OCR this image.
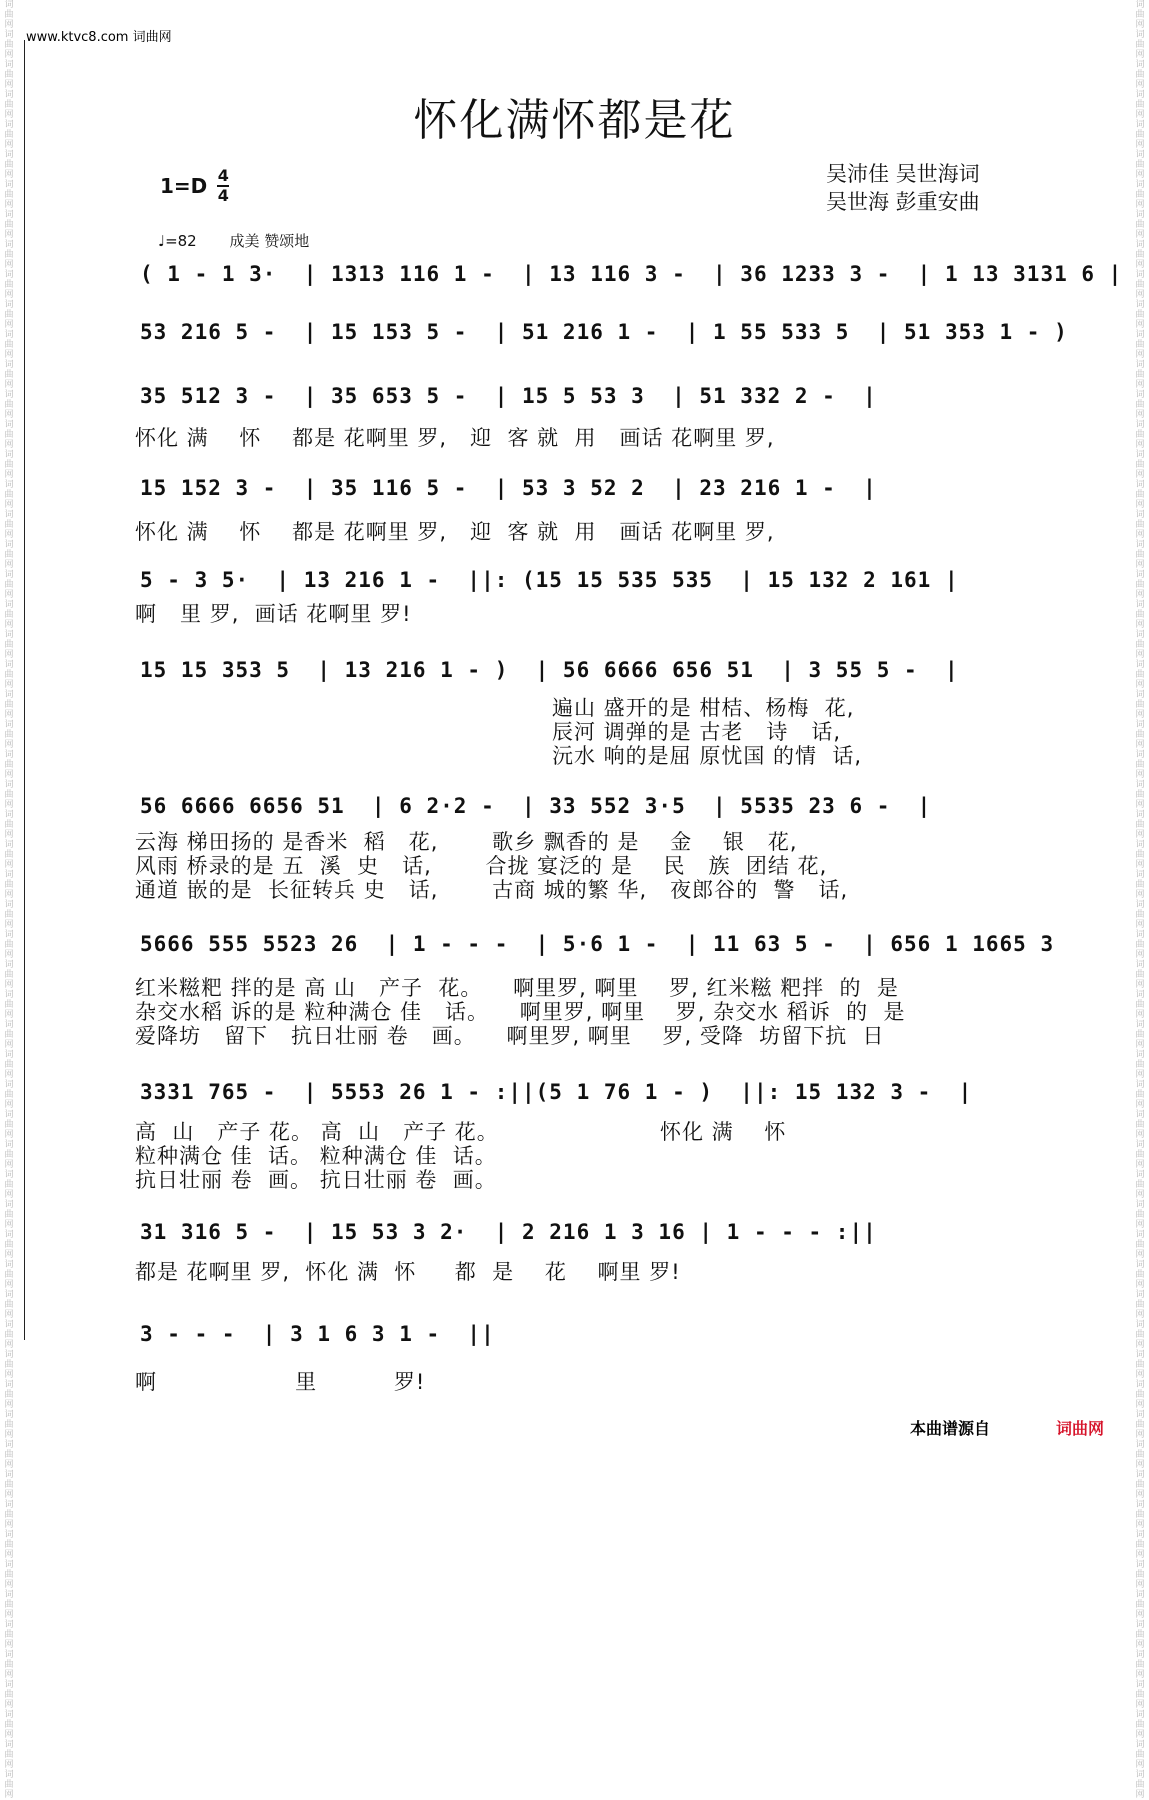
词曲网 词曲网 词曲网 词曲网 词曲网 词曲网 词曲网 词曲网 词曲网 词曲网 词曲网 词曲网 词曲网 词曲网 词曲网 词曲网 词曲网 词曲网 词曲网 词曲网 词曲网 词曲网 词曲网 词曲网 词曲网 词曲网 词曲网 词曲网 词曲网 词曲网 词曲网 词曲网 词曲网 词曲网 词曲网 词曲网 词曲网 词曲网 词曲网 词曲网 词曲网 词曲网 词曲网 词曲网 词曲网 词曲网 词曲网 词曲网 词曲网 词曲网 词曲网 词曲网 词曲网 词曲网 词曲网 词曲网 词曲网 词曲网 词曲网 词曲网
词曲网 词曲网 词曲网 词曲网 词曲网 词曲网 词曲网 词曲网 词曲网 词曲网 词曲网 词曲网 词曲网 词曲网 词曲网 词曲网 词曲网 词曲网 词曲网 词曲网 词曲网 词曲网 词曲网 词曲网 词曲网 词曲网 词曲网 词曲网 词曲网 词曲网 词曲网 词曲网 词曲网 词曲网 词曲网 词曲网 词曲网 词曲网 词曲网 词曲网 词曲网 词曲网 词曲网 词曲网 词曲网 词曲网 词曲网 词曲网 词曲网 词曲网 词曲网 词曲网 词曲网 词曲网 词曲网 词曲网 词曲网 词曲网 词曲网 词曲网
www.ktvc8.com 词曲网
怀化满怀都是花
1=D 4
4
吴沛佳 吴世海词
吴世海 彭重安曲
♩=82 成美 赞颂地
( 1 - 1 3·  | 1313 116 1 -  | 13 116 3 -  | 36 1233 3 -  | 1 13 3131 6 |
53 216 5 -  | 15 153 5 -  | 51 216 1 -  | 1 55 533 5  | 51 353 1 - )
35 512 3 -  | 35 653 5 -  | 15 5 53 3  | 51 332 2 -  |
怀化 满    怀    都是 花啊里 罗,   迎  客 就  用   画话 花啊里 罗,
15 152 3 -  | 35 116 5 -  | 53 3 52 2  | 23 216 1 -  |
怀化 满    怀    都是 花啊里 罗,   迎  客 就  用   画话 花啊里 罗,
5 - 3 5·  | 13 216 1 -  ||: (15 15 535 535  | 15 132 2 161 |
啊   里 罗,  画话 花啊里 罗!
15 15 353 5  | 13 216 1 - )  | 56 6666 656 51  | 3 55 5 -  |
遍山 盛开的是 柑桔、杨梅  花,
辰河 调弹的是 古老   诗   话,
沅水 响的是屈 原忧国 的情  话,
56 6666 6656 51  | 6 2·2 -  | 33 552 3·5  | 5535 23 6 -  |
云海 梯田扬的 是香米  稻   花,       歌乡 飘香的 是    金    银   花,
风雨 桥录的是 五  溪  史   话,       合拢 宴泛的 是    民   族  团结 花,
通道 嵌的是  长征转兵 史   话,       古商 城的繁 华,   夜郎谷的  警   话,
5666 555 5523 26  | 1 - - -  | 5·6 1 -  | 11 63 5 -  | 656 1 1665 3
红米糍粑 拌的是 高 山   产子  花。    啊里罗, 啊里    罗, 红米糍 粑拌  的  是
杂交水稻 诉的是 粒种满仓 佳   话。    啊里罗, 啊里    罗, 杂交水 稻诉  的  是
爱降坊   留下   抗日壮丽 卷   画。    啊里罗, 啊里    罗, 受降  坊留下抗  日
3331 765 -  | 5553 26 1 - :||(5 1 76 1 - )  ||: 15 132 3 -  |
高  山   产子 花。 高  山   产子 花。                     怀化 满    怀
粒种满仓 佳  话。 粒种满仓 佳  话。
抗日壮丽 卷  画。 抗日壮丽 卷  画。
31 316 5 -  | 15 53 3 2·  | 2 216 1 3 16 | 1 - - - :||
都是 花啊里 罗,  怀化 满  怀     都  是    花    啊里 罗!
3 - - -  | 3 1 6 3 1 -  ||
啊                  里          罗!
本曲谱源自	词曲网
